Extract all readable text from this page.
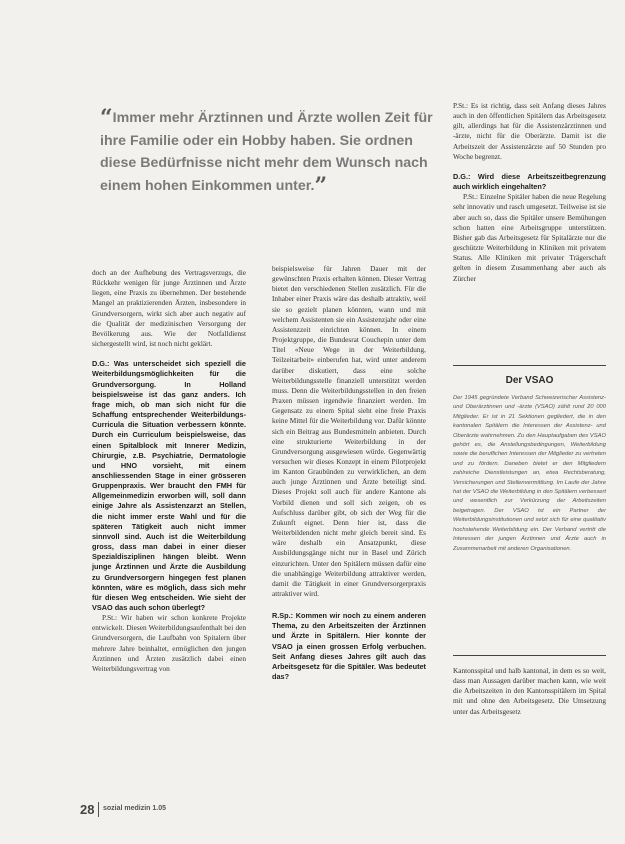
“Immer mehr Ärztinnen und Ärzte wollen Zeit für ihre Familie oder ein Hobby haben. Sie ordnen diese Bedürfnisse nicht mehr dem Wunsch nach einem hohen Einkommen unter.”

doch an der Aufhebung des Vertragsverzugs, die Rückkehr wenigen für junge Ärztinnen und Ärzte liegen, eine Praxis zu übernehmen. Der bestehende Mangel an praktizierenden Ärzten, insbesondere in Grundversorgern, wirkt sich aber auch negativ auf die Qualität der medizinischen Versorgung der Bevölkerung aus. Wie der Notfalldienst sichergestellt wird, ist noch nicht geklärt.

D.G.: Was unterscheidet sich speziell die Weiterbildungsmöglichkeiten für die Grundversorgung. In Holland beispielsweise ist das ganz anders. Ich frage mich, ob man sich nicht für die Schaffung entsprechender Weiterbildungs-Curricula die Situation verbessern könnte. Durch ein Curriculum beispielsweise, das einen Spitalblock mit Innerer Medizin, Chirurgie, z.B. Psychiatrie, Dermatologie und HNO vorsieht, mit einem anschliessenden Stage in einer grösseren Gruppenpraxis. Wer braucht den FMH für Allgemeinmedizin erworben will, soll dann einige Jahre als Assistenzarzt an Stellen, die nicht immer erste Wahl und für die späteren Tätigkeit auch nicht immer sinnvoll sind. Auch ist die Weiterbildung gross, dass man dabei in einer dieser Spezialdisziplinen hängen bleibt. Wenn junge Ärztinnen und Ärzte die Ausbildung zu Grundversorgern hingegen fest planen könnten, wäre es möglich, dass sich mehr für diesen Weg entscheiden. Wie sieht der VSAO das auch schon überlegt?

P.St.: Wir haben wir schon konkrete Projekte entwickelt. Diesen Weiterbildungsaufenthalt bei den Grundversorgern, die Laufbahn von Spitalern über mehrere Jahre beinhaltet, ermöglichen den jungen Ärztinnen und Ärzten zusätzlich dabei einen Weiterbildungsvertrag von

beispielsweise für Jahren Dauer mit der gewünschten Praxis erhalten können. Dieser Vertrag bietet den verschiedenen Stellen zusätzlich. Für die Inhaber einer Praxis wäre das deshalb attraktiv, weil sie so gezielt planen könnten, wann und mit welchem Assistenten sie ein Assistenzjahr oder eine Assistenzzeit einrichten können. In einem Projektgruppe, die Bundesrat Couchepin unter dem Titel «Neue Wege in der Weiterbildung, Teilzeitarbeit» einberufen hat, wird unter anderem darüber diskutiert, dass eine solche Weiterbildungsstelle finanziell unterstützt werden muss. Denn die Weiterbildungsstellen in den freien Praxen müssen irgendwie finanziert werden. Im Gegensatz zu einem Spital sieht eine freie Praxis keine Mittel für die Weiterbildung vor. Dafür könnte sich ein Beitrag aus Bundesmitteln anbieten. Durch eine strukturierte Weiterbildung in der Grundversorgung ausgewiesen würde. Gegenwärtig versuchen wir dieses Konzept in einem Pilotprojekt im Kanton Graubünden zu verwirklichen, an dem auch junge Ärztinnen und Ärzte beteiligt sind. Dieses Projekt soll auch für andere Kantone als Vorbild dienen und soll sich zeigen, ob es Aufschluss darüber gibt, ob sich der Weg für die Zukunft eignet. Denn hier ist, dass die Weiterbildenden nicht mehr gleich bereit sind. Es wäre deshalb ein Ansatzpunkt, diese Ausbildungsgänge nicht nur in Basel und Zürich einzurichten. Unter den Spitälern müssen dafür eine die unabhängige Weiterbildung attraktiver werden, damit die Tätigkeit in einer Grundversorgerpraxis attraktiver wird.

R.Sp.: Kommen wir noch zu einem anderen Thema, zu den Arbeitszeiten der Ärztinnen und Ärzte in Spitälern. Hier konnte der VSAO ja einen grossen Erfolg verbuchen. Seit Anfang dieses Jahres gilt auch das Arbeitsgesetz für die Spitäler. Was bedeutet das?

P.St.: Es ist richtig, dass seit Anfang dieses Jahres auch in den öffentlichen Spitälern das Arbeitsgesetz gilt, allerdings hat für die Assistenzärztinnen und -ärzte, nicht für die Oberärzte. Damit ist die Arbeitszeit der Assistenzärzte auf 50 Stunden pro Woche begrenzt.

D.G.: Wird diese Arbeitszeitbegrenzung auch wirklich eingehalten?

P.St.: Einzelne Spitäler haben die neue Regelung sehr innovativ und rasch umgesetzt. Teilweise ist sie aber auch so, dass die Spitäler unsere Bemühungen schon hatten eine Arbeitsgruppe unterstützen. Bisher gab das Arbeitsgesetz für Spitalärzte nur die geschützte Weiterbildung in Kliniken mit privatem Status. Alle Kliniken mit privater Trägerschaft gelten in diesem Zusammenhang aber auch als Zürcher

Der VSAO
Der 1945 gegründete Verband Schweizerischer Assistenz- und Oberärztinnen und -ärzte (VSAO) zählt rund 20 000 Mitglieder. Er ist in 21 Sektionen gegliedert, die in den kantonalen Spitälern die Interessen der Assistenz- und Oberärzte wahrnehmen. Zu den Hauptaufgaben des VSAO gehört es, die Anstellungsbedingungen, Weiterbildung sowie die beruflichen Interessen der Mitglieder zu vertreten und zu fördern. Daneben bietet er den Mitgliedern zahlreiche Dienstleistungen an, etwa Rechtsberatung, Versicherungen und Stellenvermittlung. Im Laufe der Jahre hat der VSAO die Weiterbildung in den Spitälern verbessert und wesentlich zur Verkürzung der Arbeitszeiten beigetragen. Der VSAO ist ein Partner der Weiterbildungsinstitutionen und setzt sich für eine qualitativ hochstehende Weiterbildung ein. Der Verband vertritt die Interessen der jungen Ärztinnen und Ärzte auch in Zusammenarbeit mit anderen Organisationen.

Kantonsspital und halb kantonal, in dem es so weit, dass man Aussagen darüber machen kann, wie weit die Arbeitszeiten in den Kantonsspitälern im Spital mit und ohne den Arbeitsgesetz. Die Umsetzung unter das Arbeitsgesetz

28 sozial medizin 1.05
